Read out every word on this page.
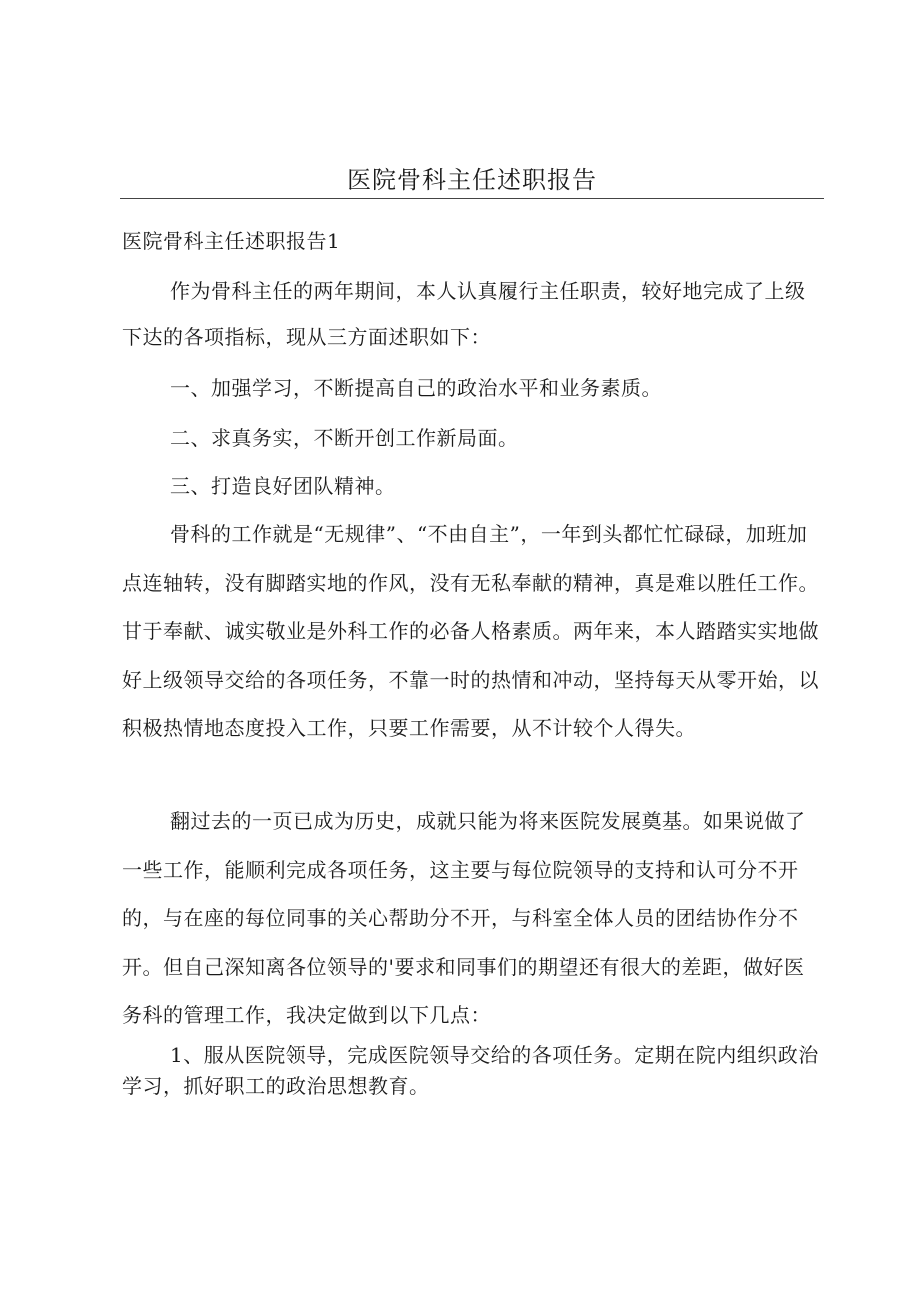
医院骨科主任述职报告
医院骨科主任述职报告1

作为骨科主任的两年期间，本人认真履行主任职责，较好地完成了上级下达的各项指标，现从三方面述职如下：

一、加强学习，不断提高自己的政治水平和业务素质。

二、求真务实，不断开创工作新局面。

三、打造良好团队精神。

骨科的工作就是“无规律”、“不由自主”，一年到头都忙忙碌碌，加班加点连轴转，没有脚踏实地的作风，没有无私奉献的精神，真是难以胜任工作。甘于奉献、诚实敬业是外科工作的必备人格素质。两年来，本人踏踏实实地做好上级领导交给的各项任务，不靠一时的热情和冲动，坚持每天从零开始，以积极热情地态度投入工作，只要工作需要，从不计较个人得失。

翻过去的一页已成为历史，成就只能为将来医院发展奠基。如果说做了一些工作，能顺利完成各项任务，这主要与每位院领导的支持和认可分不开的，与在座的每位同事的关心帮助分不开，与科室全体人员的团结协作分不开。但自己深知离各位领导的'要求和同事们的期望还有很大的差距，做好医务科的管理工作，我决定做到以下几点：

1、服从医院领导，完成医院领导交给的各项任务。定期在院内组织政治学习，抓好职工的政治思想教育。
